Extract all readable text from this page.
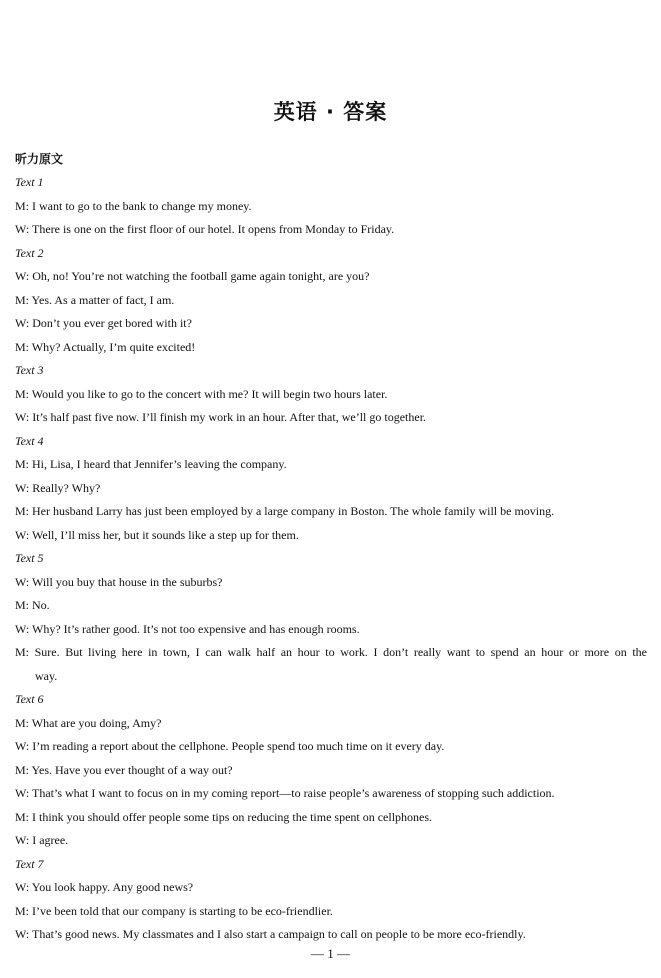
英语 · 答案
听力原文
Text 1
M: I want to go to the bank to change my money.
W: There is one on the first floor of our hotel. It opens from Monday to Friday.
Text 2
W: Oh, no! You’re not watching the football game again tonight, are you?
M: Yes. As a matter of fact, I am.
W: Don’t you ever get bored with it?
M: Why? Actually, I’m quite excited!
Text 3
M: Would you like to go to the concert with me? It will begin two hours later.
W: It’s half past five now. I’ll finish my work in an hour. After that, we’ll go together.
Text 4
M: Hi, Lisa, I heard that Jennifer’s leaving the company.
W: Really? Why?
M: Her husband Larry has just been employed by a large company in Boston. The whole family will be moving.
W: Well, I’ll miss her, but it sounds like a step up for them.
Text 5
W: Will you buy that house in the suburbs?
M: No.
W: Why? It’s rather good. It’s not too expensive and has enough rooms.
M: Sure. But living here in town, I can walk half an hour to work. I don’t really want to spend an hour or more on the
way.
Text 6
M: What are you doing, Amy?
W: I’m reading a report about the cellphone. People spend too much time on it every day.
M: Yes. Have you ever thought of a way out?
W: That’s what I want to focus on in my coming report—to raise people’s awareness of stopping such addiction.
M: I think you should offer people some tips on reducing the time spent on cellphones.
W: I agree.
Text 7
W: You look happy. Any good news?
M: I’ve been told that our company is starting to be eco-friendlier.
W: That’s good news. My classmates and I also start a campaign to call on people to be more eco-friendly.
— 1 —
